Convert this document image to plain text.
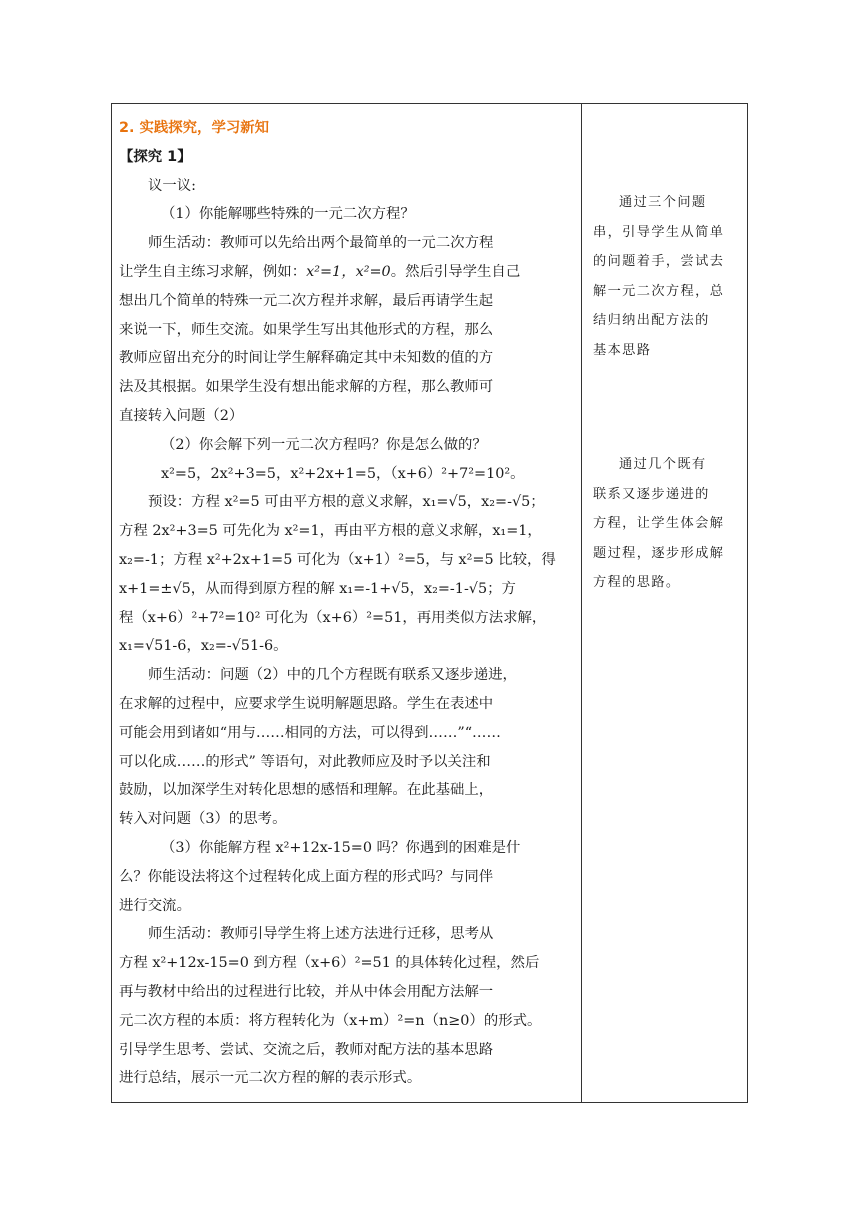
2. 实践探究，学习新知
【探究 1】
议一议:
（1）你能解哪些特殊的一元二次方程？
师生活动：教师可以先给出两个最简单的一元二次方程
让学生自主练习求解，例如：x²=1，x²=0。然后引导学生自己
想出几个简单的特殊一元二次方程并求解，最后再请学生起
来说一下，师生交流。如果学生写出其他形式的方程，那么
教师应留出充分的时间让学生解释确定其中未知数的值的方
法及其根据。如果学生没有想出能求解的方程，那么教师可
直接转入问题（2）
（2）你会解下列一元二次方程吗？你是怎么做的？
x²=5，2x²+3=5，x²+2x+1=5，（x+6）²+7²=10²。
预设：方程 x²=5 可由平方根的意义求解，x₁=√5，x₂=-√5；
方程 2x²+3=5 可先化为 x²=1，再由平方根的意义求解，x₁=1，
x₂=-1；方程 x²+2x+1=5 可化为（x+1）²=5，与 x²=5 比较，得
x+1=±√5，从而得到原方程的解 x₁=-1+√5，x₂=-1-√5；方
程（x+6）²+7²=10² 可化为（x+6）²=51，再用类似方法求解，
x₁=√51-6，x₂=-√51-6。
师生活动：问题（2）中的几个方程既有联系又逐步递进，
在求解的过程中，应要求学生说明解题思路。学生在表述中
可能会用到诸如“用与……相同的方法，可以得到……”“……
可以化成……的形式” 等语句，对此教师应及时予以关注和
鼓励，以加深学生对转化思想的感悟和理解。在此基础上，
转入对问题（3）的思考。
（3）你能解方程 x²+12x-15=0 吗？你遇到的困难是什
么？你能设法将这个过程转化成上面方程的形式吗？与同伴
进行交流。
师生活动：教师引导学生将上述方法进行迁移，思考从
方程 x²+12x-15=0 到方程（x+6）²=51 的具体转化过程，然后
再与教材中给出的过程进行比较，并从中体会用配方法解一
元二次方程的本质：将方程转化为（x+m）²=n（n≥0）的形式。
引导学生思考、尝试、交流之后，教师对配方法的基本思路
进行总结，展示一元二次方程的解的表示形式。
通过三个问题
串，引导学生从简单
的问题着手，尝试去
解一元二次方程，总
结归纳出配方法的
基本思路
通过几个既有
联系又逐步递进的
方程，让学生体会解
题过程，逐步形成解
方程的思路。
